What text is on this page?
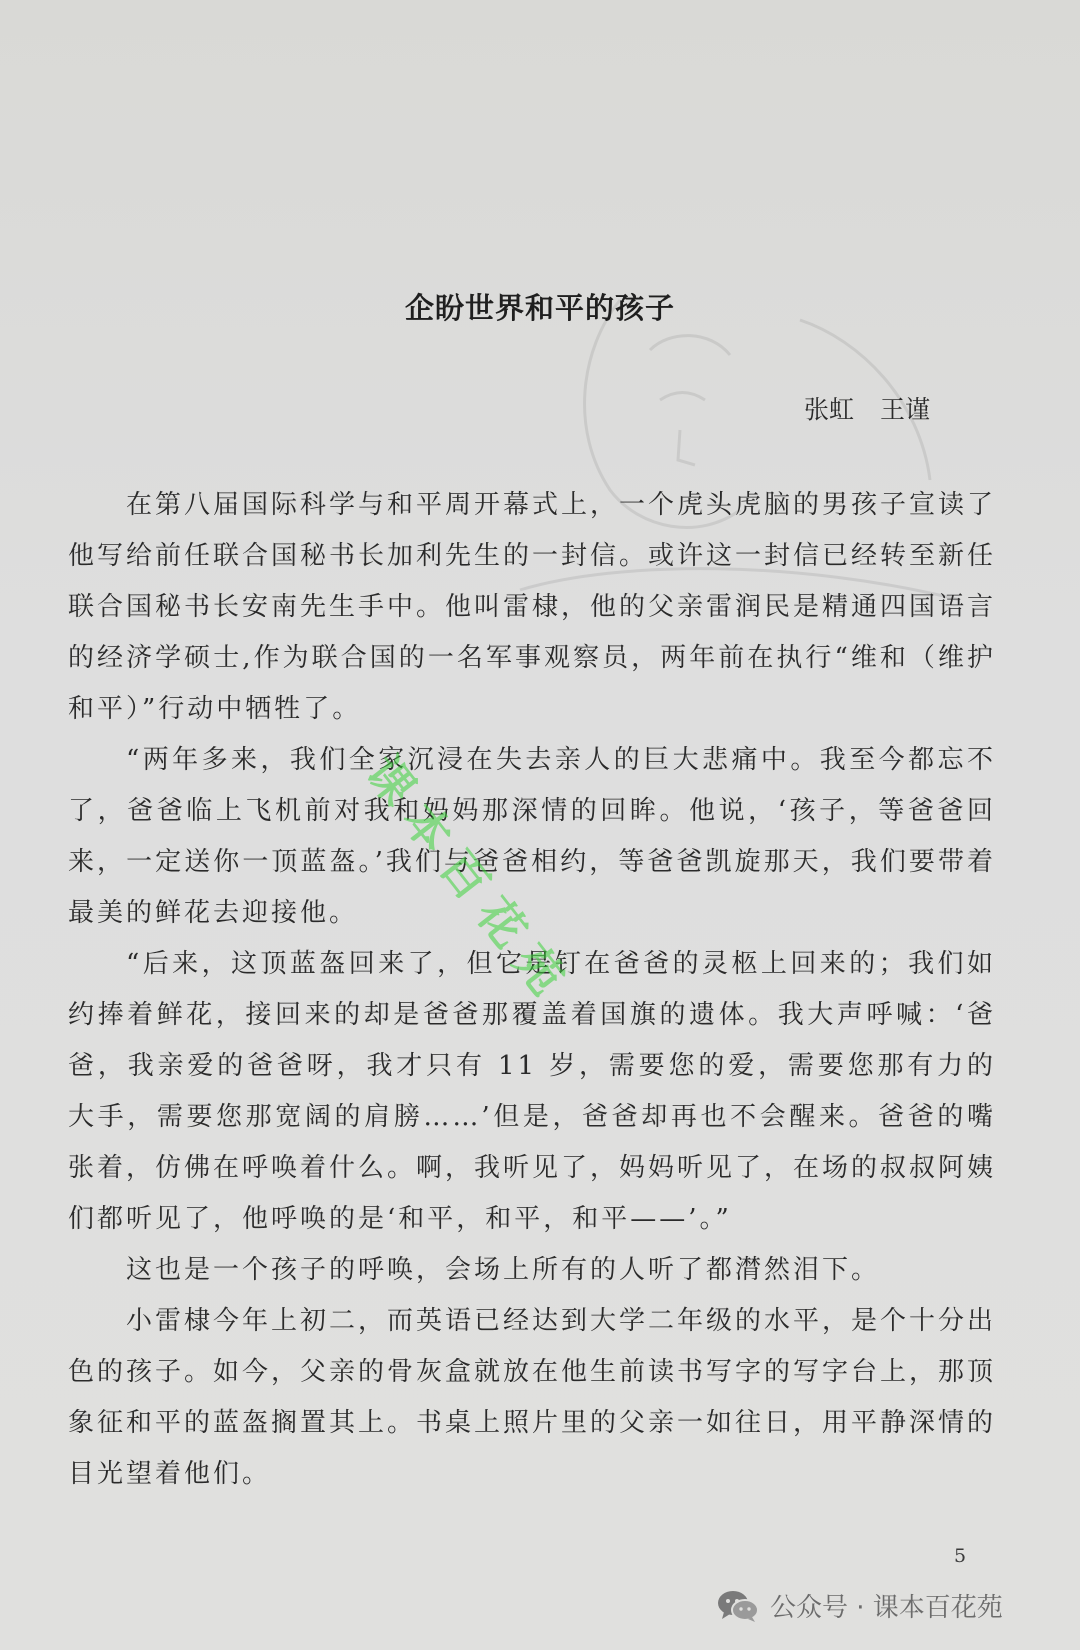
企盼世界和平的孩子
张虹 王谨

在第八届国际科学与和平周开幕式上，一个虎头虎脑的男孩子宣读了他写给前任联合国秘书长加利先生的一封信。或许这一封信已经转至新任联合国秘书长安南先生手中。他叫雷棣，他的父亲雷润民是精通四国语言的经济学硕士,作为联合国的一名军事观察员，两年前在执行“维和（维护和平）”行动中牺牲了。

“两年多来，我们全家沉浸在失去亲人的巨大悲痛中。我至今都忘不了，爸爸临上飞机前对我和妈妈那深情的回眸。他说，‘孩子，等爸爸回来，一定送你一顶蓝盔。’我们与爸爸相约，等爸爸凯旋那天，我们要带着最美的鲜花去迎接他。

“后来，这顶蓝盔回来了，但它是钉在爸爸的灵柩上回来的；我们如约捧着鲜花，接回来的却是爸爸那覆盖着国旗的遗体。我大声呼喊：‘爸爸，我亲爱的爸爸呀，我才只有 11 岁，需要您的爱，需要您那有力的大手，需要您那宽阔的肩膀……’但是，爸爸却再也不会醒来。爸爸的嘴张着，仿佛在呼唤着什么。啊，我听见了，妈妈听见了，在场的叔叔阿姨们都听见了，他呼唤的是‘和平，和平，和平——’。”

这也是一个孩子的呼唤，会场上所有的人听了都潸然泪下。

小雷棣今年上初二，而英语已经达到大学二年级的水平，是个十分出色的孩子。如今，父亲的骨灰盒就放在他生前读书写字的写字台上，那顶象征和平的蓝盔搁置其上。书桌上照片里的父亲一如往日，用平静深情的目光望着他们。

课本百花苑
5
公众号 · 课本百花苑
